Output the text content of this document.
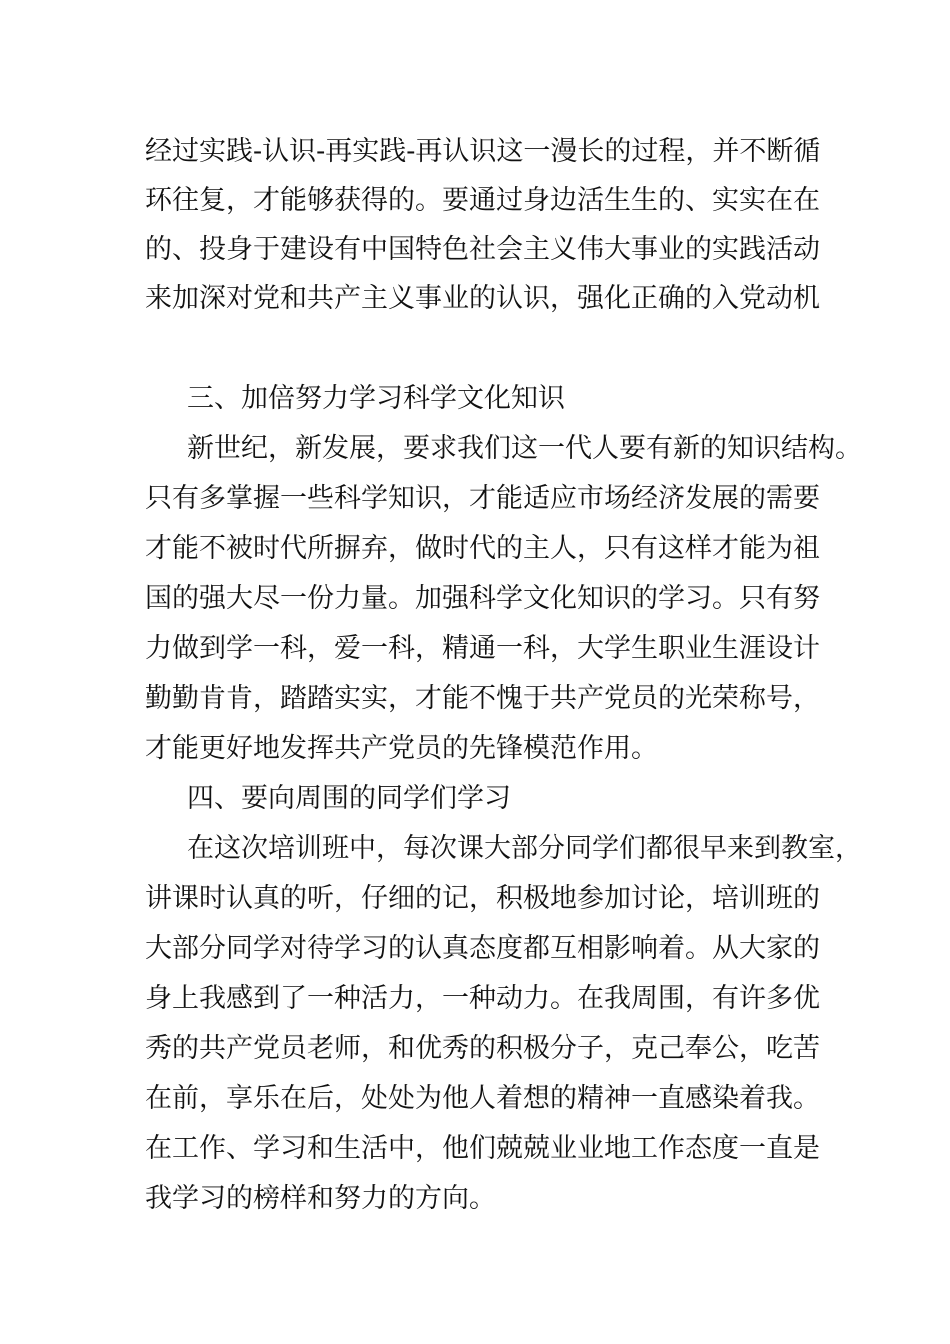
经过实践-认识-再实践-再认识这一漫长的过程，并不断循
环往复，才能够获得的。要通过身边活生生的、实实在在
的、投身于建设有中国特色社会主义伟大事业的实践活动
来加深对党和共产主义事业的认识，强化正确的入党动机
三、加倍努力学习科学文化知识
新世纪，新发展，要求我们这一代人要有新的知识结构。
只有多掌握一些科学知识，才能适应市场经济发展的需要
才能不被时代所摒弃，做时代的主人，只有这样才能为祖
国的强大尽一份力量。加强科学文化知识的学习。只有努
力做到学一科，爱一科，精通一科，大学生职业生涯设计
勤勤肯肯，踏踏实实，才能不愧于共产党员的光荣称号，
才能更好地发挥共产党员的先锋模范作用。
四、要向周围的同学们学习
在这次培训班中，每次课大部分同学们都很早来到教室，
讲课时认真的听，仔细的记，积极地参加讨论，培训班的
大部分同学对待学习的认真态度都互相影响着。从大家的
身上我感到了一种活力，一种动力。在我周围，有许多优
秀的共产党员老师，和优秀的积极分子，克己奉公，吃苦
在前，享乐在后，处处为他人着想的精神一直感染着我。
在工作、学习和生活中，他们兢兢业业地工作态度一直是
我学习的榜样和努力的方向。
